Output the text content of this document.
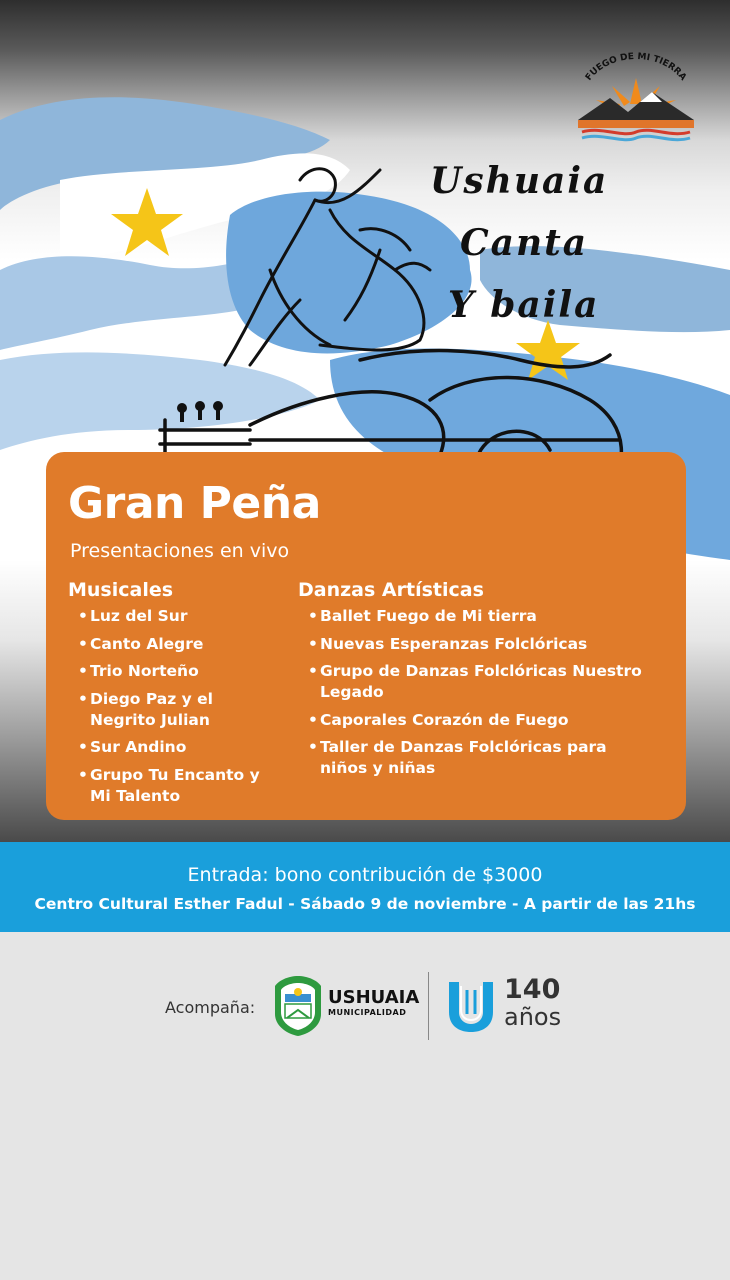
FUEGO DE MI TIERRA
Ushuaia
Canta
Y baila
Gran Peña
Presentaciones en vivo
Musicales
• Luz del Sur
• Canto Alegre
• Trio Norteño
• Diego Paz y el Negrito Julian
• Sur Andino
• Grupo Tu Encanto y Mi Talento
Danzas Artísticas
• Ballet Fuego de Mi tierra
• Nuevas Esperanzas Folclóricas
• Grupo de Danzas Folclóricas Nuestro Legado
• Caporales Corazón de Fuego
• Taller de Danzas Folclóricas para niños y niñas
Entrada: bono contribución de $3000
Centro Cultural Esther Fadul - Sábado 9 de noviembre - A partir de las 21hs
Acompaña:	USHUAIA
MUNICIPALIDAD
140
años
